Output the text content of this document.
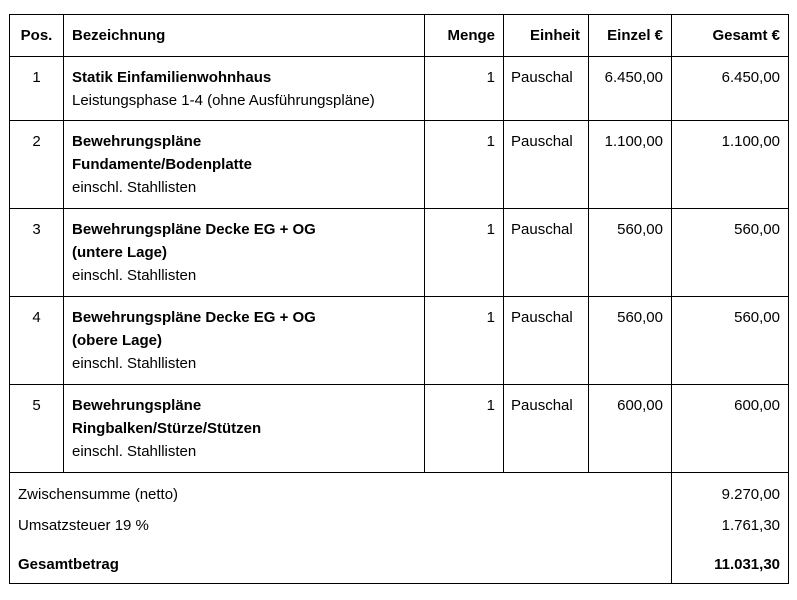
Pos.	Bezeichnung	Menge	Einheit	Einzel €	Gesamt €
1	Statik Einfamilienwohnhaus
Leistungsphase 1-4 (ohne Ausführungspläne)	1	Pauschal	6.450,00	6.450,00
2	Bewehrungspläne
Fundamente/Bodenplatte
einschl. Stahllisten	1	Pauschal	1.100,00	1.100,00
3	Bewehrungspläne Decke EG + OG
(untere Lage)
einschl. Stahllisten	1	Pauschal	560,00	560,00
4	Bewehrungspläne Decke EG + OG
(obere Lage)
einschl. Stahllisten	1	Pauschal	560,00	560,00
5	Bewehrungspläne
Ringbalken/Stürze/Stützen
einschl. Stahllisten	1	Pauschal	600,00	600,00
Zwischensumme (netto)					9.270,00
Umsatzsteuer 19 %					1.761,30
Gesamtbetrag					11.031,30
